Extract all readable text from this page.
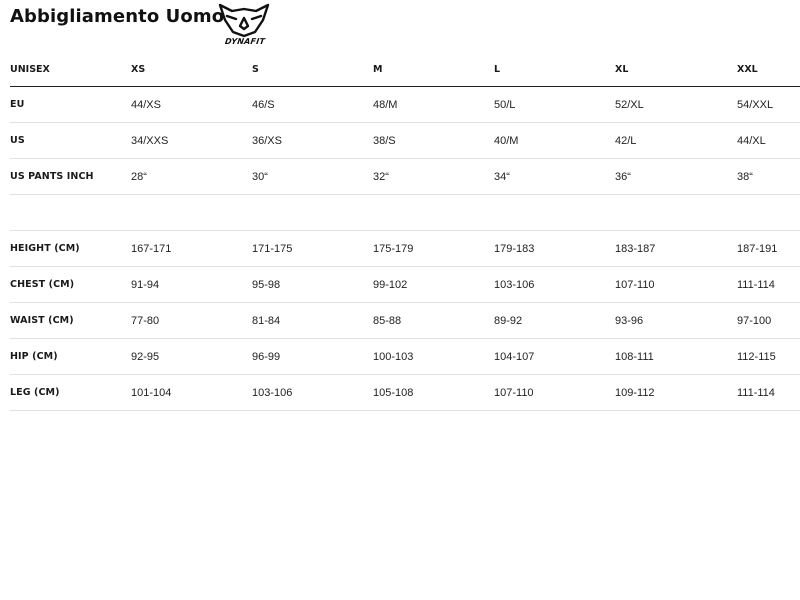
Abbigliamento Uomo
DYNAFIT
UNISEX	XS	S	M	L	XL	XXL
EU	44/XS	46/S	48/M	50/L	52/XL	54/XXL
US	34/XXS	36/XS	38/S	40/M	42/L	44/XL
US PANTS INCH	28“	30“	32“	34“	36“	38“
HEIGHT (CM)	167-171	171-175	175-179	179-183	183-187	187-191
CHEST (CM)	91-94	95-98	99-102	103-106	107-110	111-114
WAIST (CM)	77-80	81-84	85-88	89-92	93-96	97-100
HIP (CM)	92-95	96-99	100-103	104-107	108-111	112-115
LEG (CM)	101-104	103-106	105-108	107-110	109-112	111-114
